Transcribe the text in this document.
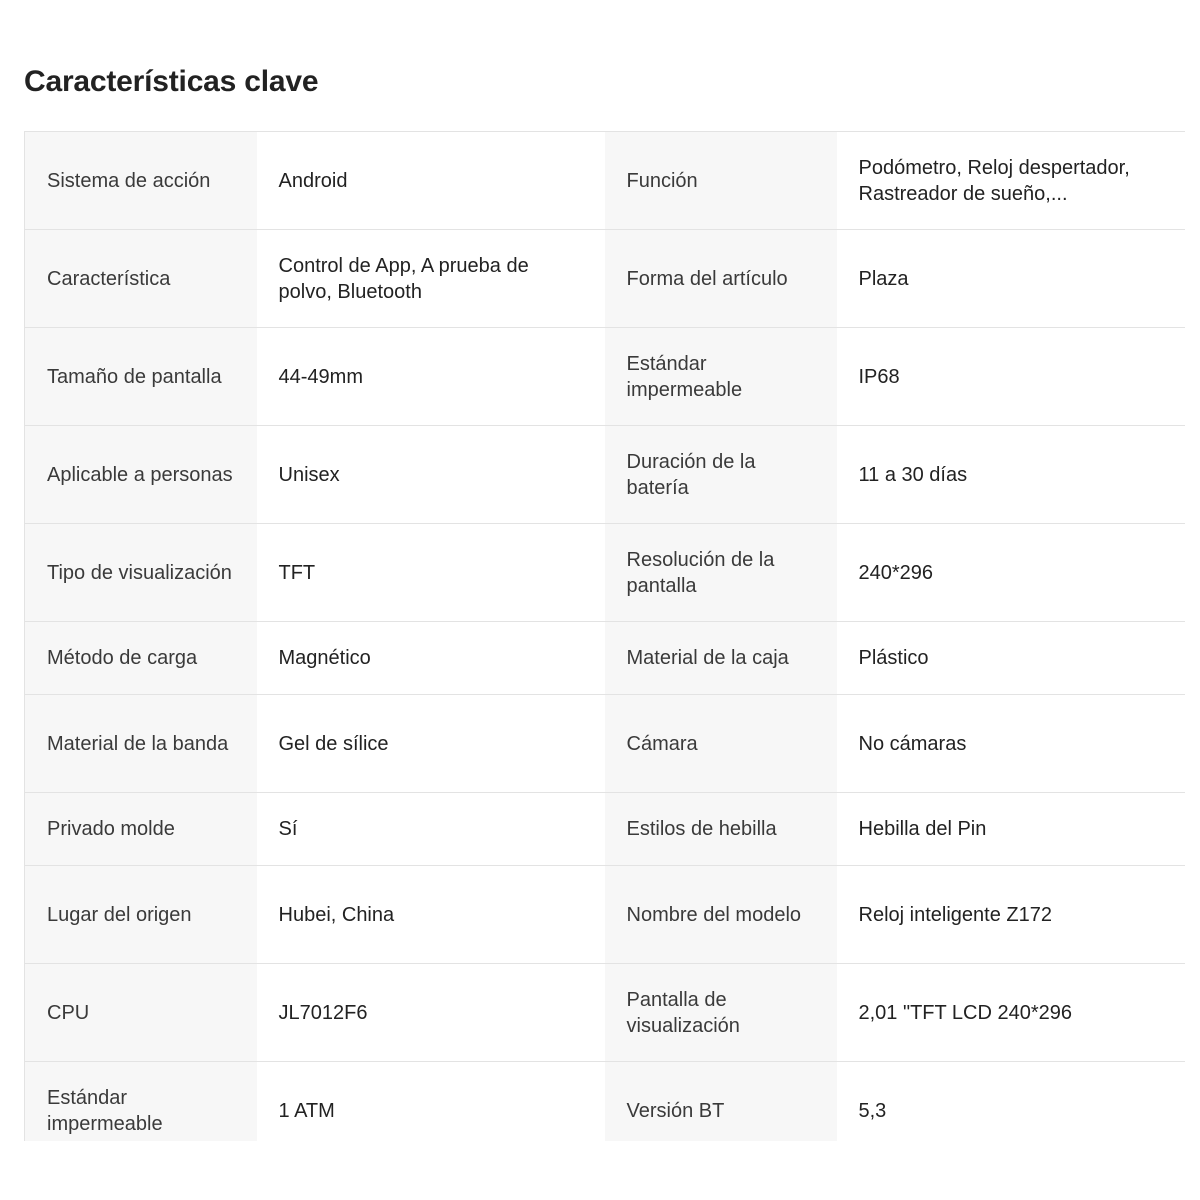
Características clave
Sistema de acción	Android	Función	Podómetro, Reloj despertador, Rastreador de sueño,...
Característica	Control de App, A prueba de polvo, Bluetooth	Forma del artículo	Plaza
Tamaño de pantalla	44-49mm	Estándar impermeable	IP68
Aplicable a personas	Unisex	Duración de la batería	11 a 30 días
Tipo de visualización	TFT	Resolución de la pantalla	240*296
Método de carga	Magnético	Material de la caja	Plástico
Material de la banda	Gel de sílice	Cámara	No cámaras
Privado molde	Sí	Estilos de hebilla	Hebilla del Pin
Lugar del origen	Hubei, China	Nombre del modelo	Reloj inteligente Z172
CPU	JL7012F6	Pantalla de visualización	2,01 "TFT LCD 240*296
Estándar impermeable	1 ATM	Versión BT	5,3
